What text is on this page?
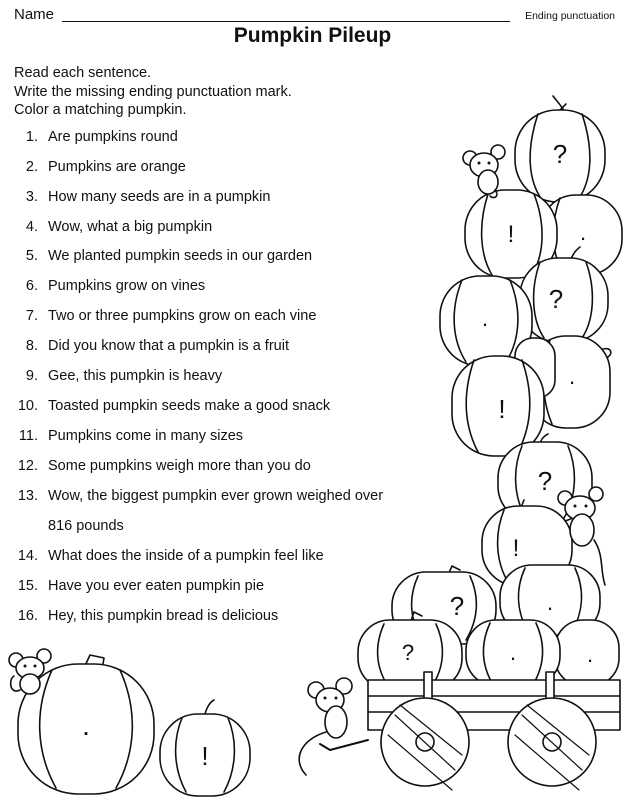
Name	Ending punctuation
Pumpkin Pileup
Read each sentence.
Write the missing ending punctuation mark.
Color a matching pumpkin.
1. Are pumpkins round
2. Pumpkins are orange
3. How many seeds are in a pumpkin
4. Wow, what a big pumpkin
5. We planted pumpkin seeds in our garden
6. Pumpkins grow on vines
7. Two or three pumpkins grow on each vine
8. Did you know that a pumpkin is a fruit
9. Gee, this pumpkin is heavy
10. Toasted pumpkin seeds make a good snack
11. Pumpkins come in many sizes
12. Some pumpkins weigh more than you do
13. Wow, the biggest pumpkin ever grown weighed over
816 pounds
14. What does the inside of a pumpkin feel like
15. Have you ever eaten pumpkin pie
16. Hey, this pumpkin bread is delicious
?
.
!
?
.
.
!
?
!
.
?
.
.
?
.
!
